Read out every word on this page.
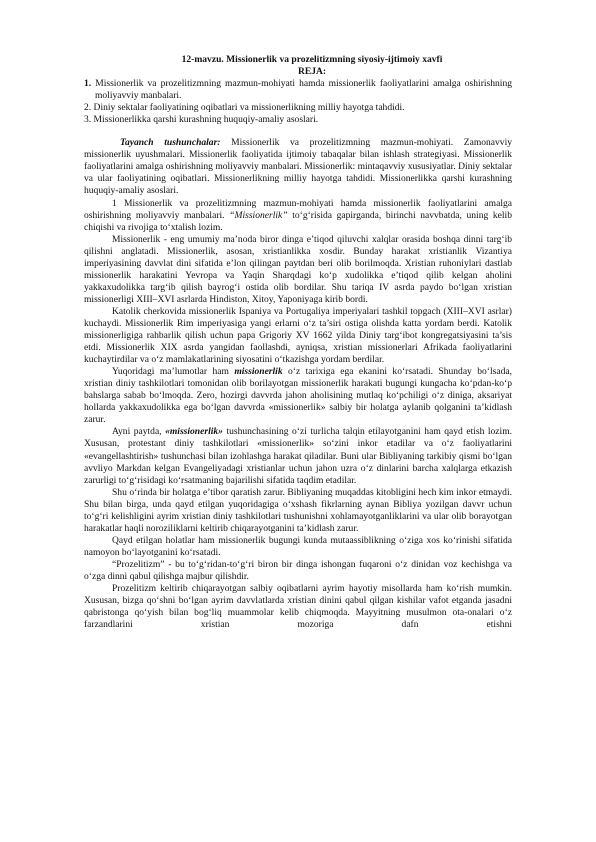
12-mavzu. Missionerlik va prozelitizmning siyosiy-ijtimoiy xavfi

REJA:

1. Missionerlik va prozelitizmning mazmun-mohiyati hamda missionerlik faoliyatlarini amalga oshirishning moliyavviy manbalari.
2. Diniy sektalar faoliyatining oqibatlari va missionerlikning milliy hayotga tahdidi.
3. Missionerlikka qarshi kurashning huquqiy-amaliy asoslari.

Tayanch tushunchalar: Missionerlik va prozelitizmning mazmun-mohiyati. Zamonavviy missionerlik uyushmalari. Missionerlik faoliyatida ijtimoiy tabaqalar bilan ishlash strategiyasi. Missionerlik faoliyatlarini amalga oshirishning moliyavviy manbalari. Missionerlik: mintaqavviy xususiyatlar. Diniy sektalar va ular faoliyatining oqibatlari. Missionerlikning milliy hayotga tahdidi. Missionerlikka qarshi kurashning huquqiy-amaliy asoslari.

1 Missionerlik va prozelitizmning mazmun-mohiyati hamda missionerlik faoliyatlarini amalga oshirishning moliyavviy manbalari. “Missionerlik” to‘g‘risida gapirganda, birinchi navvbatda, uning kelib chiqishi va rivojiga to‘xtalish lozim.

Missionerlik - eng umumiy ma’noda biror dinga e’tiqod qiluvchi xalqlar orasida boshqa dinni targ‘ib qilishni anglatadi. Missionerlik, asosan, xristianlikka xosdir. Bunday harakat xristianlik Vizantiya imperiyasining davvlat dini sifatida e’lon qilingan paytdan beri olib borilmoqda. Xristian ruhoniylari dastlab missionerlik harakatini Yevropa va Yaqin Sharqdagi ko‘p xudolikka e’tiqod qilib kelgan aholini yakkaxudolikka targ‘ib qilish bayrog‘i ostida olib bordilar. Shu tariqa IV asrda paydo bo‘lgan xristian missionerligi XIII–XVI asrlarda Hindiston, Xitoy, Yaponiyaga kirib bordi.

Katolik cherkovida missionerlik Ispaniya va Portugaliya imperiyalari tashkil topgach (XIII–XVI asrlar) kuchaydi. Missionerlik Rim imperiyasiga yangi erlarni o‘z ta’siri ostiga olishda katta yordam berdi. Katolik missionerligiga rahbarlik qilish uchun papa Grigoriy XV 1662 yilda Diniy targ‘ibot kongregatsiyasini ta’sis etdi. Missionerlik XIX asrda yangidan faollashdi, ayniqsa, xristian missionerlari Afrikada faoliyatlarini kuchaytirdilar va o‘z mamlakatlarining siyosatini o‘tkazishga yordam berdilar.

Yuqoridagi ma’lumotlar ham missionerlik o‘z tarixiga ega ekanini ko‘rsatadi. Shunday bo‘lsada, xristian diniy tashkilotlari tomonidan olib borilayotgan missionerlik harakati bugungi kungacha ko‘pdan-ko‘p bahslarga sabab bo‘lmoqda. Zero, hozirgi davvrda jahon aholisining mutlaq ko‘pchiligi o‘z diniga, aksariyat hollarda yakkaxudolikka ega bo‘lgan davvrda «missionerlik» salbiy bir holatga aylanib qolganini ta’kidlash zarur.

Ayni paytda, «missionerlik» tushunchasining o‘zi turlicha talqin etilayotganini ham qayd etish lozim. Xususan, protestant diniy tashkilotlari «missionerlik» so‘zini inkor etadilar va o‘z faoliyatlarini «evangellashtirish» tushunchasi bilan izohlashga harakat qiladilar. Buni ular Bibliyaning tarkibiy qismi bo‘lgan avvliyo Markdan kelgan Evangeliyadagi xristianlar uchun jahon uzra o‘z dinlarini barcha xalqlarga etkazish zarurligi to‘g‘risidagi ko‘rsatmaning bajarilishi sifatida taqdim etadilar.

Shu o‘rinda bir holatga e’tibor qaratish zarur. Bibliyaning muqaddas kitobligini hech kim inkor etmaydi. Shu bilan birga, unda qayd etilgan yuqoridagiga o‘xshash fikrlarning aynan Bibliya yozilgan davvr uchun to‘g‘ri kelishligini ayrim xristian diniy tashkilotlari tushunishni xohlamayotganliklarini va ular olib borayotgan harakatlar haqli noroziliklarni keltirib chiqarayotganini ta’kidlash zarur.

Qayd etilgan holatlar ham missionerlik bugungi kunda mutaassiblikning o‘ziga xos ko‘rinishi sifatida namoyon bo‘layotganini ko‘rsatadi.

“Prozelitizm” - bu to‘g‘ridan-to‘g‘ri biron bir dinga ishongan fuqaroni o‘z dinidan voz kechishga va o‘zga dinni qabul qilishga majbur qilishdir.

Prozelitizm keltirib chiqarayotgan salbiy oqibatlarni ayrim hayotiy misollarda ham ko‘rish mumkin. Xususan, bizga qo‘shni bo‘lgan ayrim davvlatlarda xristian dinini qabul qilgan kishilar vafot etganda jasadni qabristonga qo‘yish bilan bog‘liq muammolar kelib chiqmoqda. Mayyitning musulmon ota-onalari o‘z farzandlarini xristian mozoriga dafn etishni
